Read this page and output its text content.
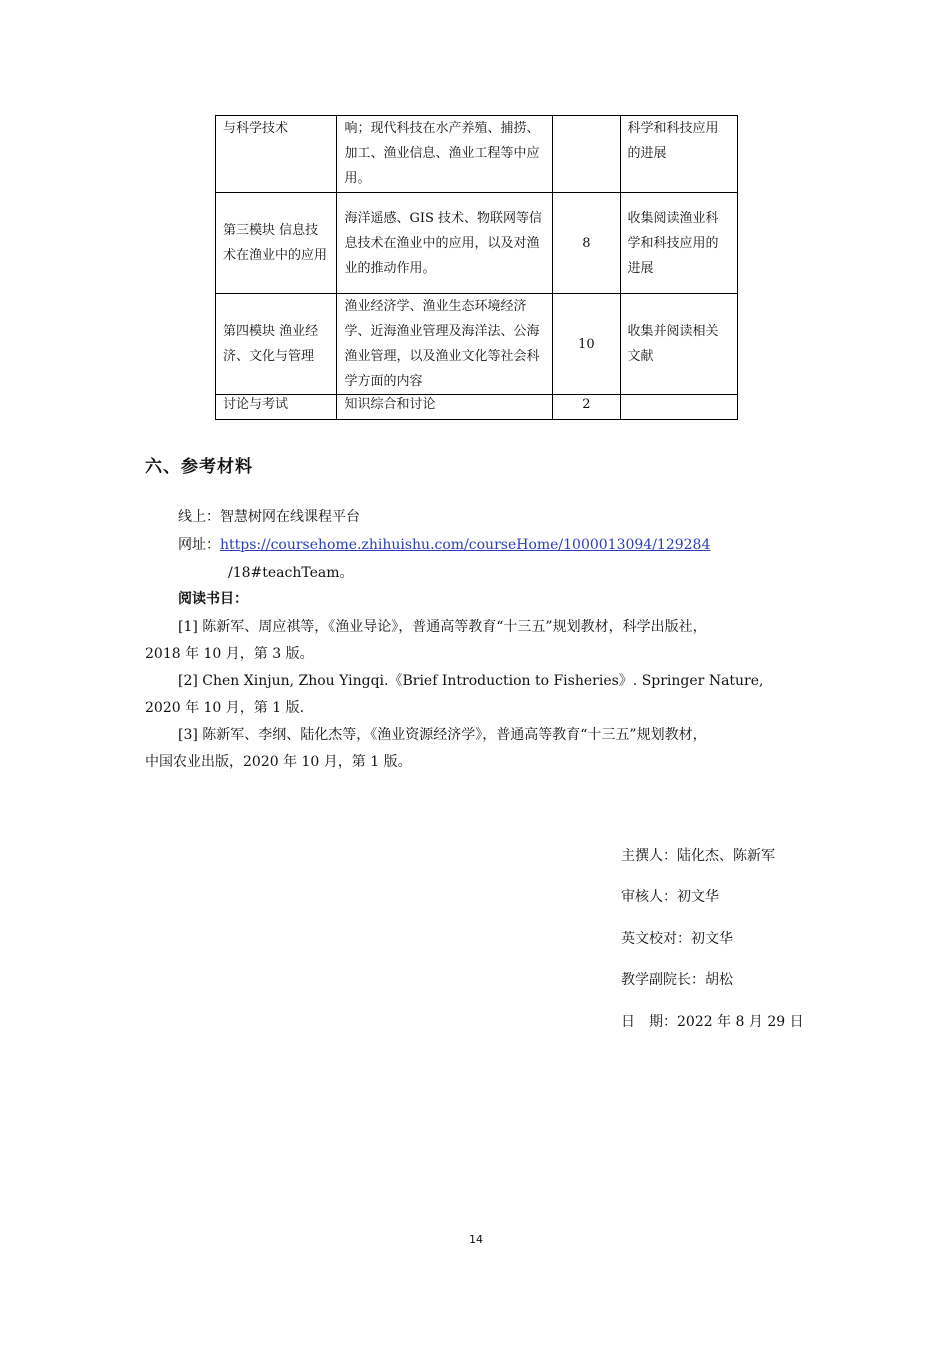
与科学技术	响；现代科技在水产养殖、捕捞、加工、渔业信息、渔业工程等中应用。		科学和科技应用的进展
第三模块 信息技术在渔业中的应用	海洋遥感、GIS 技术、物联网等信息技术在渔业中的应用，以及对渔业的推动作用。	8	收集阅读渔业科学和科技应用的进展
第四模块 渔业经济、文化与管理	渔业经济学、渔业生态环境经济学、近海渔业管理及海洋法、公海渔业管理，以及渔业文化等社会科学方面的内容	10	收集并阅读相关文献
讨论与考试	知识综合和讨论	2	
六、参考材料
线上：智慧树网在线课程平台
网址：https://coursehome.zhihuishu.com/courseHome/1000013094/129284
/18#teachTeam。
阅读书目：
[1] 陈新军、周应祺等，《渔业导论》，普通高等教育“十三五”规划教材，科学出版社，
2018 年 10 月，第 3 版。
[2] Chen Xinjun, Zhou Yingqi.《Brief Introduction to Fisheries》. Springer Nature,
2020 年 10 月，第 1 版.
[3] 陈新军、李纲、陆化杰等，《渔业资源经济学》，普通高等教育“十三五”规划教材，
中国农业出版，2020 年 10 月，第 1 版。
主撰人：陆化杰、陈新军
审核人：初文华
英文校对：初文华
教学副院长：胡松
日　期：2022 年 8 月 29 日
14
